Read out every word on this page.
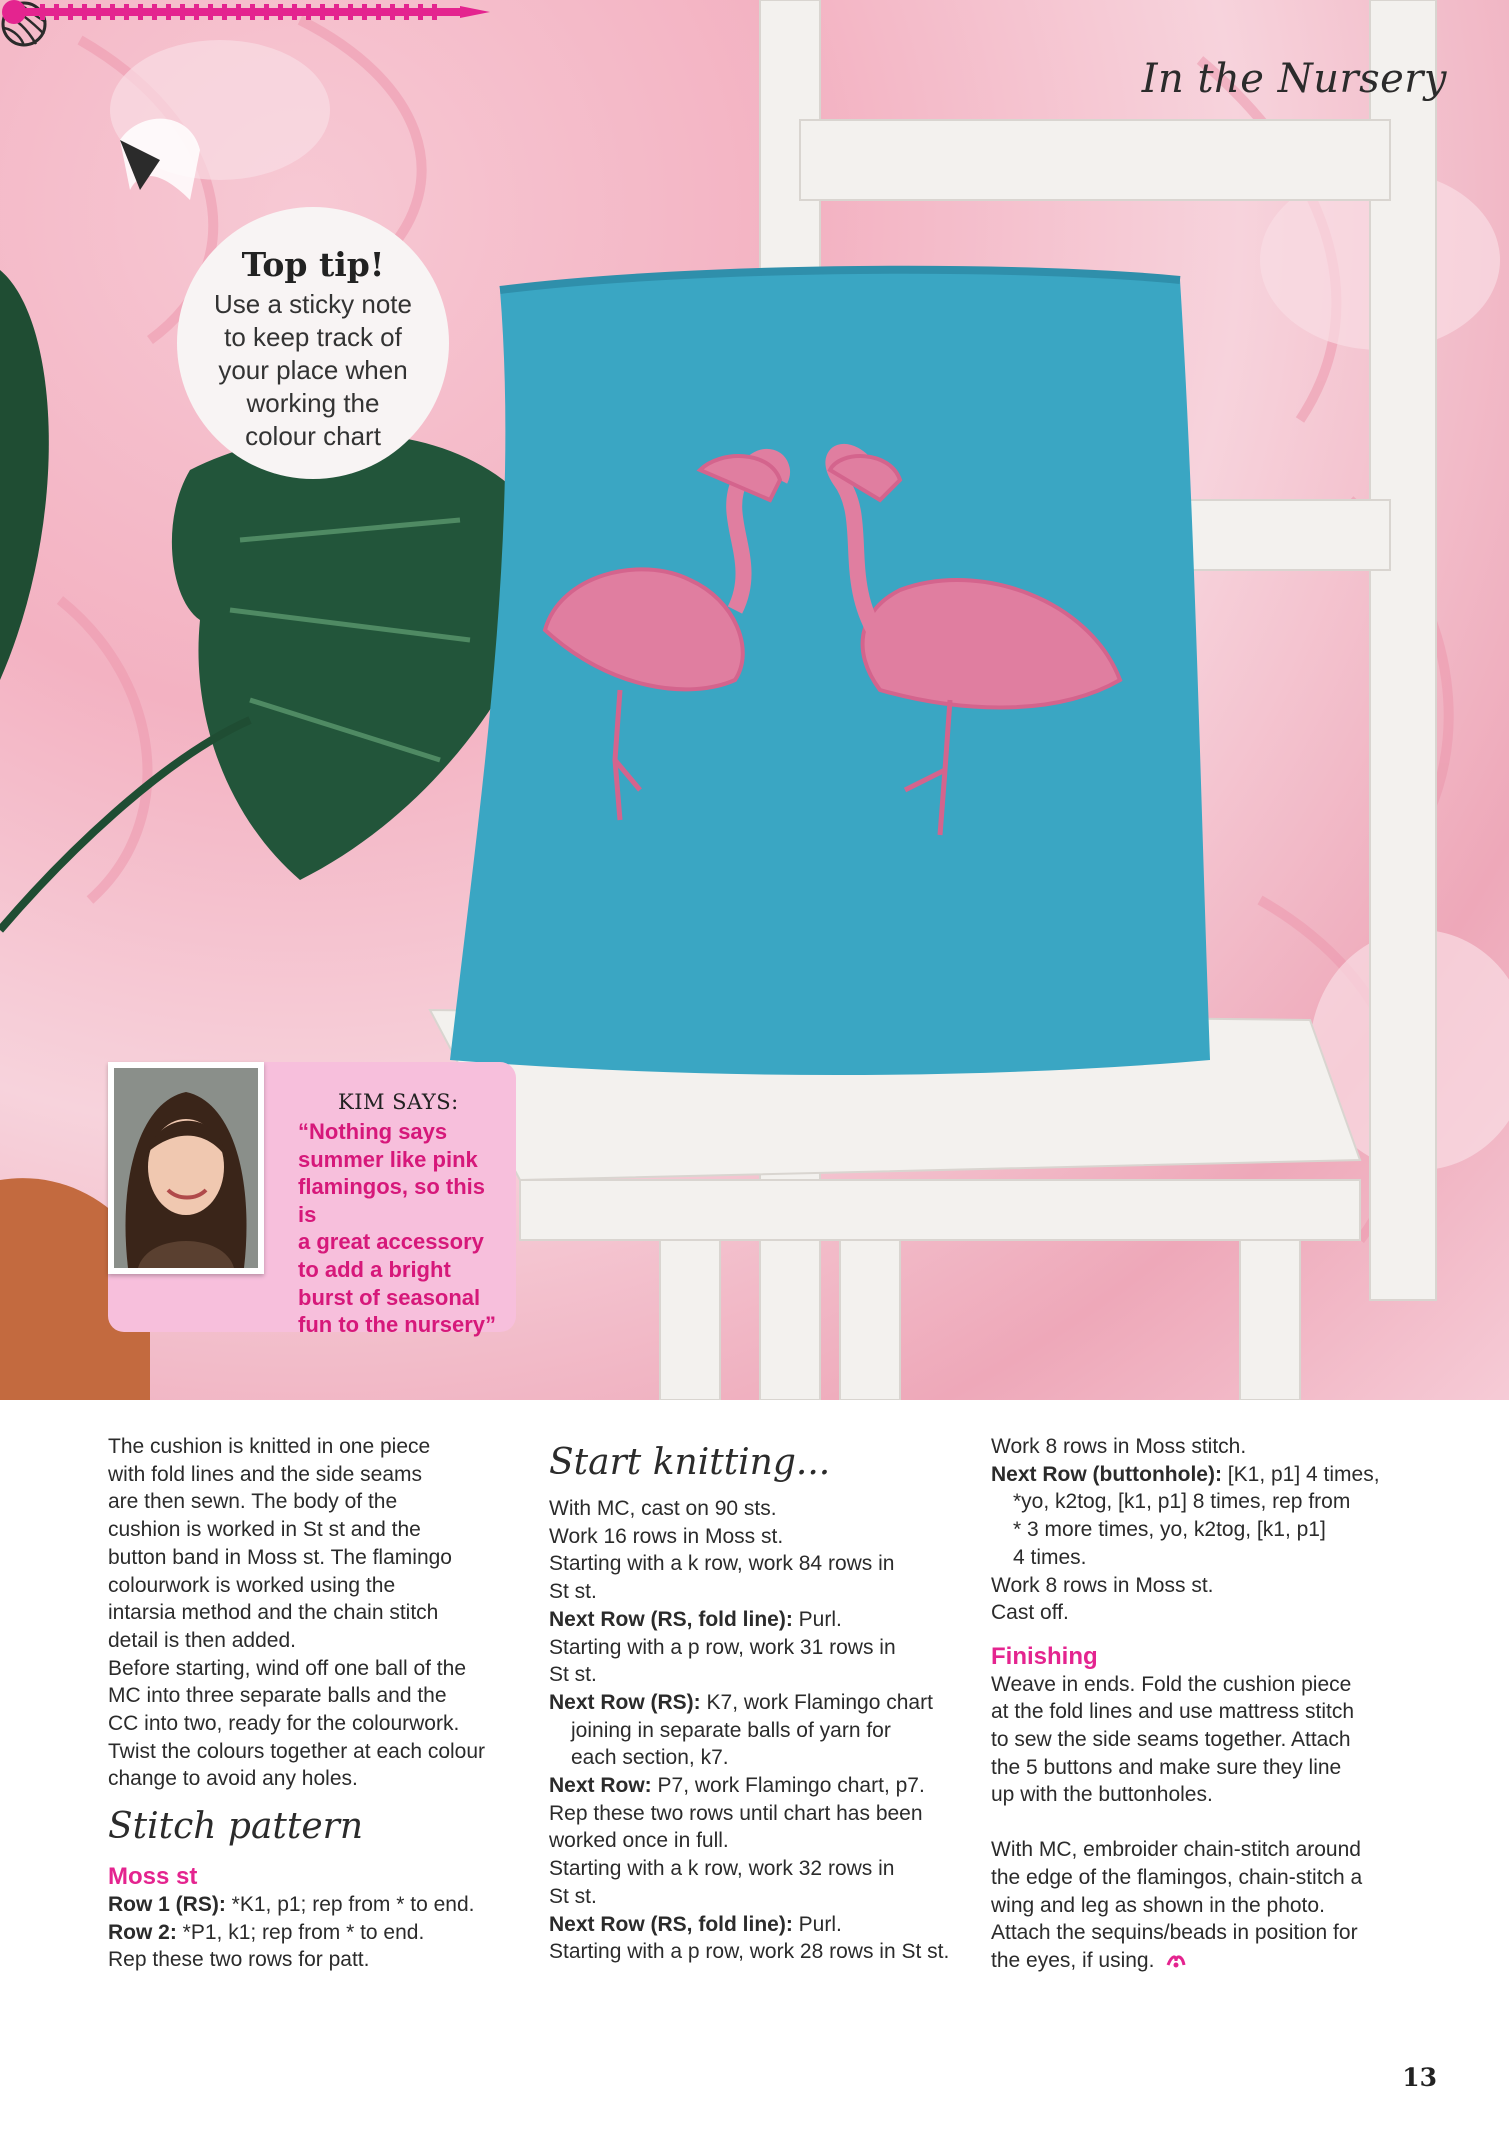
In the Nursery
Top tip!
Use a sticky note
to keep track of
your place when
working the
colour chart
KIM SAYS:
“Nothing says
summer like pink
flamingos, so this is
a great accessory
to add a bright
burst of seasonal
fun to the nursery”

The cushion is knitted in one piece

with fold lines and the side seams

are then sewn. The body of the

cushion is worked in St st and the

button band in Moss st. The flamingo

colourwork is worked using the

intarsia method and the chain stitch

detail is then added.

Before starting, wind off one ball of the

MC into three separate balls and the

CC into two, ready for the colourwork.

Twist the colours together at each colour

change to avoid any holes.

Stitch pattern

Moss st

Row 1 (RS): *K1, p1; rep from * to end.

Row 2: *P1, k1; rep from * to end.

Rep these two rows for patt.

Start knitting...

With MC, cast on 90 sts.

Work 16 rows in Moss st.

Starting with a k row, work 84 rows in

St st.

Next Row (RS, fold line): Purl.

Starting with a p row, work 31 rows in

St st.

Next Row (RS): K7, work Flamingo chart

joining in separate balls of yarn for

each section, k7.

Next Row: P7, work Flamingo chart, p7.

Rep these two rows until chart has been

worked once in full.

Starting with a k row, work 32 rows in

St st.

Next Row (RS, fold line): Purl.

Starting with a p row, work 28 rows in St st.

Work 8 rows in Moss stitch.

Next Row (buttonhole): [K1, p1] 4 times,

*yo, k2tog, [k1, p1] 8 times, rep from

* 3 more times, yo, k2tog, [k1, p1]

4 times.

Work 8 rows in Moss st.

Cast off.

Finishing

Weave in ends. Fold the cushion piece

at the fold lines and use mattress stitch

to sew the side seams together. Attach

the 5 buttons and make sure they line

up with the buttonholes.

With MC, embroider chain-stitch around

the edge of the flamingos, chain-stitch a

wing and leg as shown in the photo.

Attach the sequins/beads in position for

the eyes, if using.

13
